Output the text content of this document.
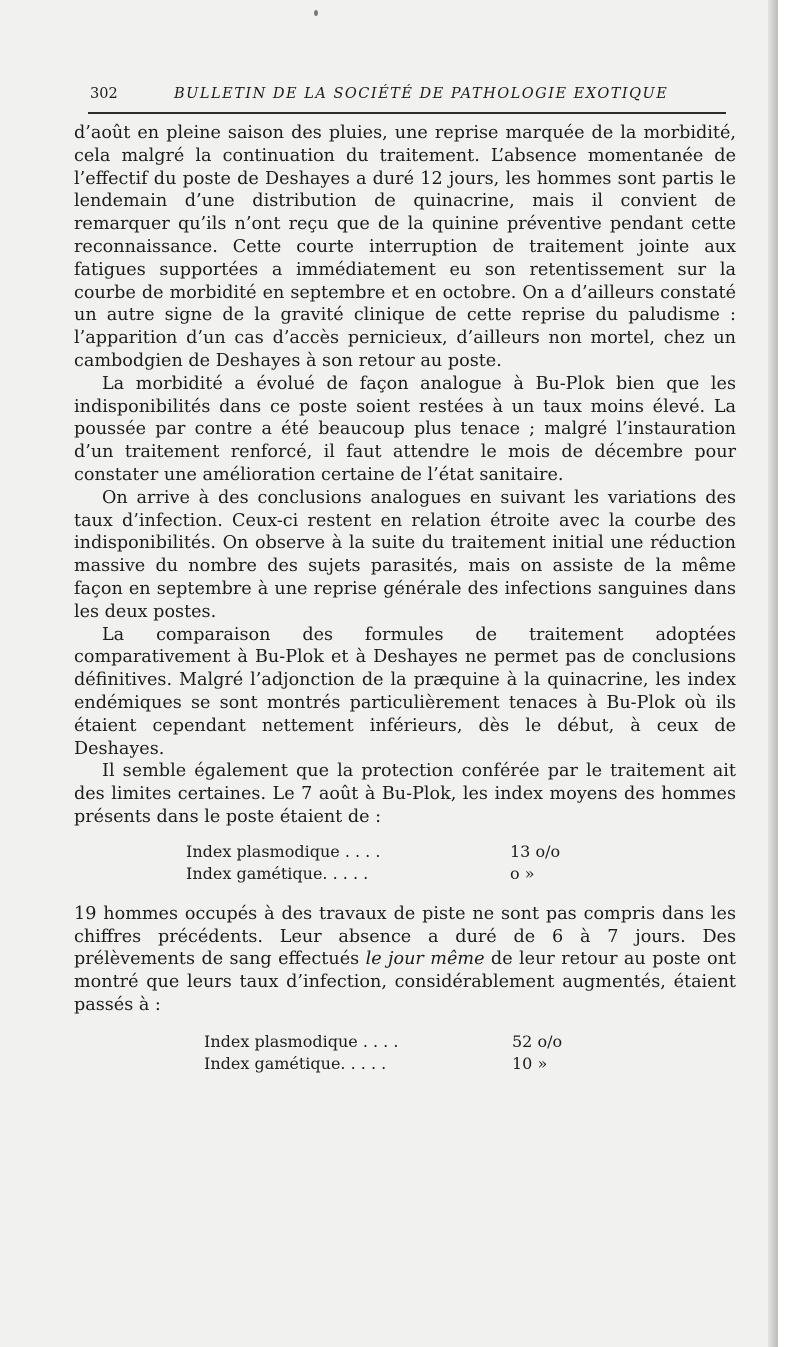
302	BULLETIN DE LA SOCIÉTÉ DE PATHOLOGIE EXOTIQUE

d’août en pleine saison des pluies, une reprise marquée de la morbidité, cela malgré la continuation du traitement. L’absence momentanée de l’effectif du poste de Deshayes a duré 12 jours, les hommes sont partis le lendemain d’une distribution de quinacrine, mais il convient de remarquer qu’ils n’ont reçu que de la quinine préventive pendant cette reconnaissance. Cette courte interruption de traitement jointe aux fatigues supportées a immédiatement eu son retentissement sur la courbe de morbidité en septembre et en octobre. On a d’ailleurs constaté un autre signe de la gravité clinique de cette reprise du paludisme : l’apparition d’un cas d’accès pernicieux, d’ailleurs non mortel, chez un cambodgien de Deshayes à son retour au poste.

La morbidité a évolué de façon analogue à Bu-Plok bien que les indisponibilités dans ce poste soient restées à un taux moins élevé. La poussée par contre a été beaucoup plus tenace ; malgré l’instauration d’un traitement renforcé, il faut attendre le mois de décembre pour constater une amélioration certaine de l’état sanitaire.

On arrive à des conclusions analogues en suivant les variations des taux d’infection. Ceux-ci restent en relation étroite avec la courbe des indisponibilités. On observe à la suite du traitement initial une réduction massive du nombre des sujets parasités, mais on assiste de la même façon en septembre à une reprise générale des infections sanguines dans les deux postes.

La comparaison des formules de traitement adoptées comparativement à Bu-Plok et à Deshayes ne permet pas de conclusions définitives. Malgré l’adjonction de la præquine à la quinacrine, les index endémiques se sont montrés particulièrement tenaces à Bu-Plok où ils étaient cependant nettement inférieurs, dès le début, à ceux de Deshayes.

Il semble également que la protection conférée par le traitement ait des limites certaines. Le 7 août à Bu-Plok, les index moyens des hommes présents dans le poste étaient de :

Index plasmodique . . . .	13 o/o
Index gamétique. . . . .	o »

19 hommes occupés à des travaux de piste ne sont pas compris dans les chiffres précédents. Leur absence a duré de 6 à 7 jours. Des prélèvements de sang effectués le jour même de leur retour au poste ont montré que leurs taux d’infection, considérablement augmentés, étaient passés à :

Index plasmodique . . . .	52 o/o
Index gamétique. . . . .	10 »
